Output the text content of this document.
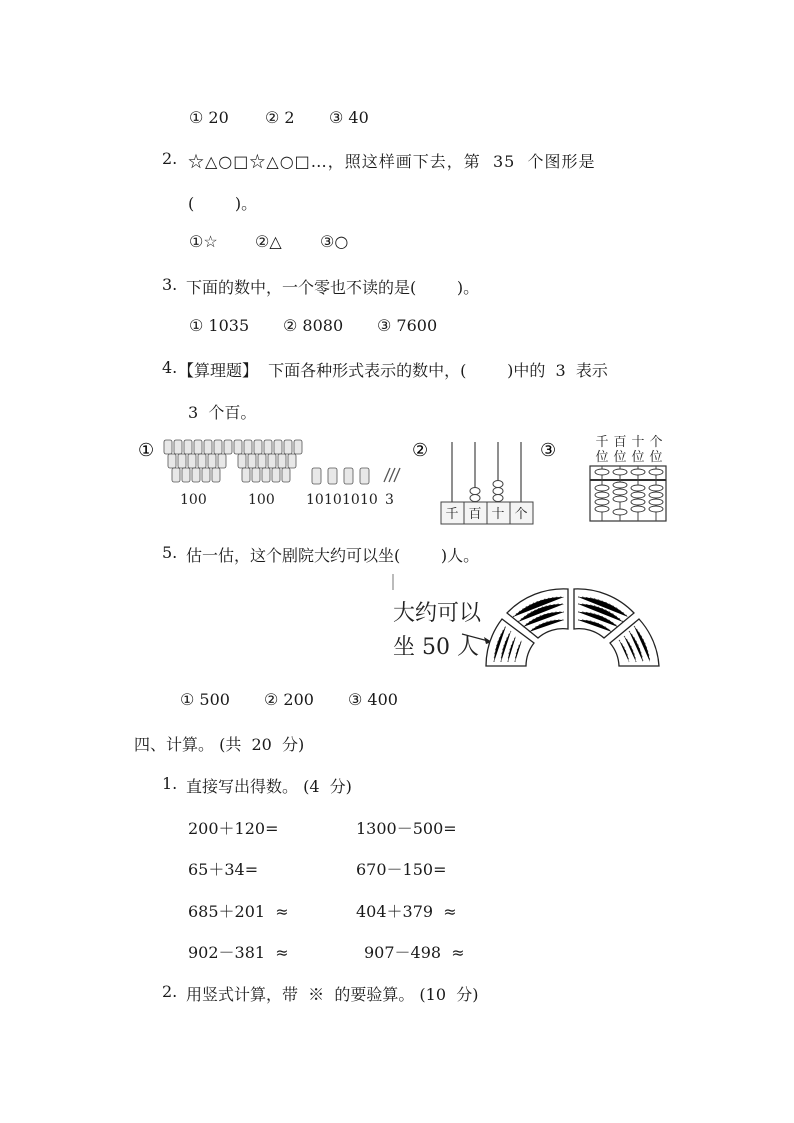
① 20 ② 2 ③ 40
2. ☆△○□☆△○□…，照这样画下去，第  35  个图形是
(        )。
①☆ ②△ ③○
3. 下面的数中，一个零也不读的是(        )。
① 1035 ② 8080 ③ 7600
4. 【算理题】  下面各种形式表示的数中，(        )中的  3  表示
3  个百。
①
100	100 10 10 10 10 3
②
千 百 十 个
③	千 百 十 个
位 位 位 位
5. 估一估，这个剧院大约可以坐(        )人。
大约可以
坐 50 人
① 500 ② 200 ③ 400
四、计算。 (共  20  分)
1. 直接写出得数。 (4  分)
200＋120=	1300－500=
65＋34=	670－150=
685＋201  ≈	404＋379  ≈
902－381  ≈	907－498  ≈
2. 用竖式计算，带  ※  的要验算。 (10  分)
